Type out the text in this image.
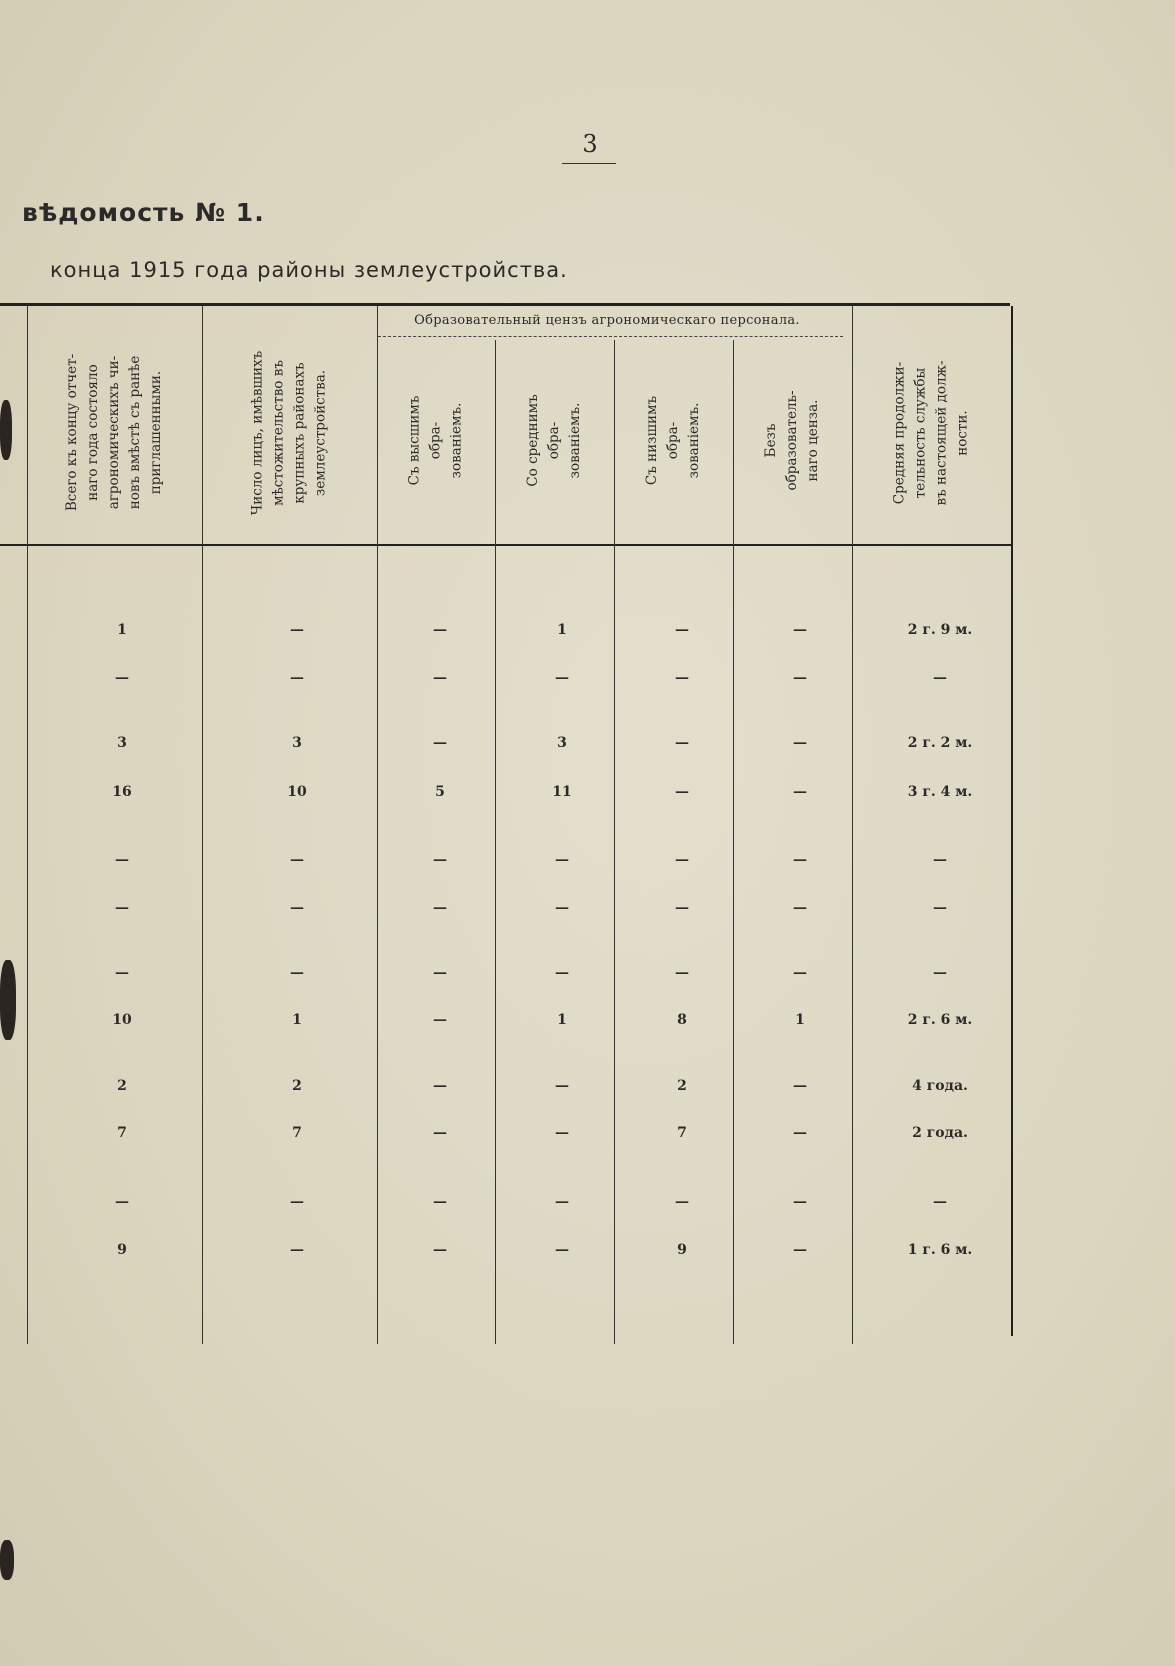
3
вѣдомость № 1.
конца 1915 года районы землеустройства.
Образовательный цензъ агрономическаго персонала.
Всего къ концу отчет-
наго года состояло
агрономическихъ чи-
новъ вмѣстѣ съ ранѣе
приглашенными.	Число лицъ, имѣвшихъ
мѣстожительство въ
крупныхъ районахъ
землеустройства.	Съ высшимъ обра-
зованіемъ.	Со среднимъ обра-
зованіемъ.	Съ низшимъ обра-
зованіемъ.	Безъ образователь-
наго ценза.
Средняя продолжи-
тельность службы
въ настоящей долж-
ности.
1	—	—	1	—	—	2 г. 9 м.
—	—	—	—	—	—	—
3	3	—	3	—	—	2 г. 2 м.
16	10	5	11	—	—	3 г. 4 м.
—	—	—	—	—	—	—
—	—	—	—	—	—	—
—	—	—	—	—	—	—
10	1	—	1	8	1	2 г. 6 м.
2	2	—	—	2	—	4 года.
7	7	—	—	7	—	2 года.
—	—	—	—	—	—	—
9	—	—	—	9	—	1 г. 6 м.
